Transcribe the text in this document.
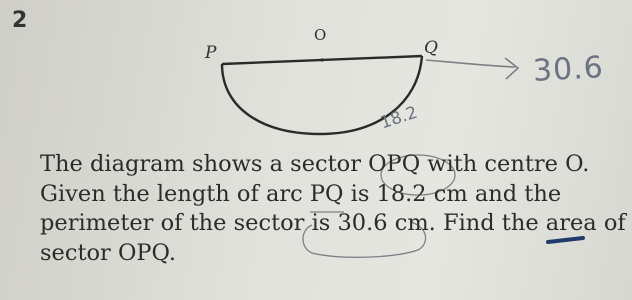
2
P
O
Q
30.6
18.2
The diagram shows a sector OPQ with centre O.
Given the length of arc PQ is 18.2 cm and the
perimeter of the sector is 30.6 cm. Find the area of
sector OPQ.
